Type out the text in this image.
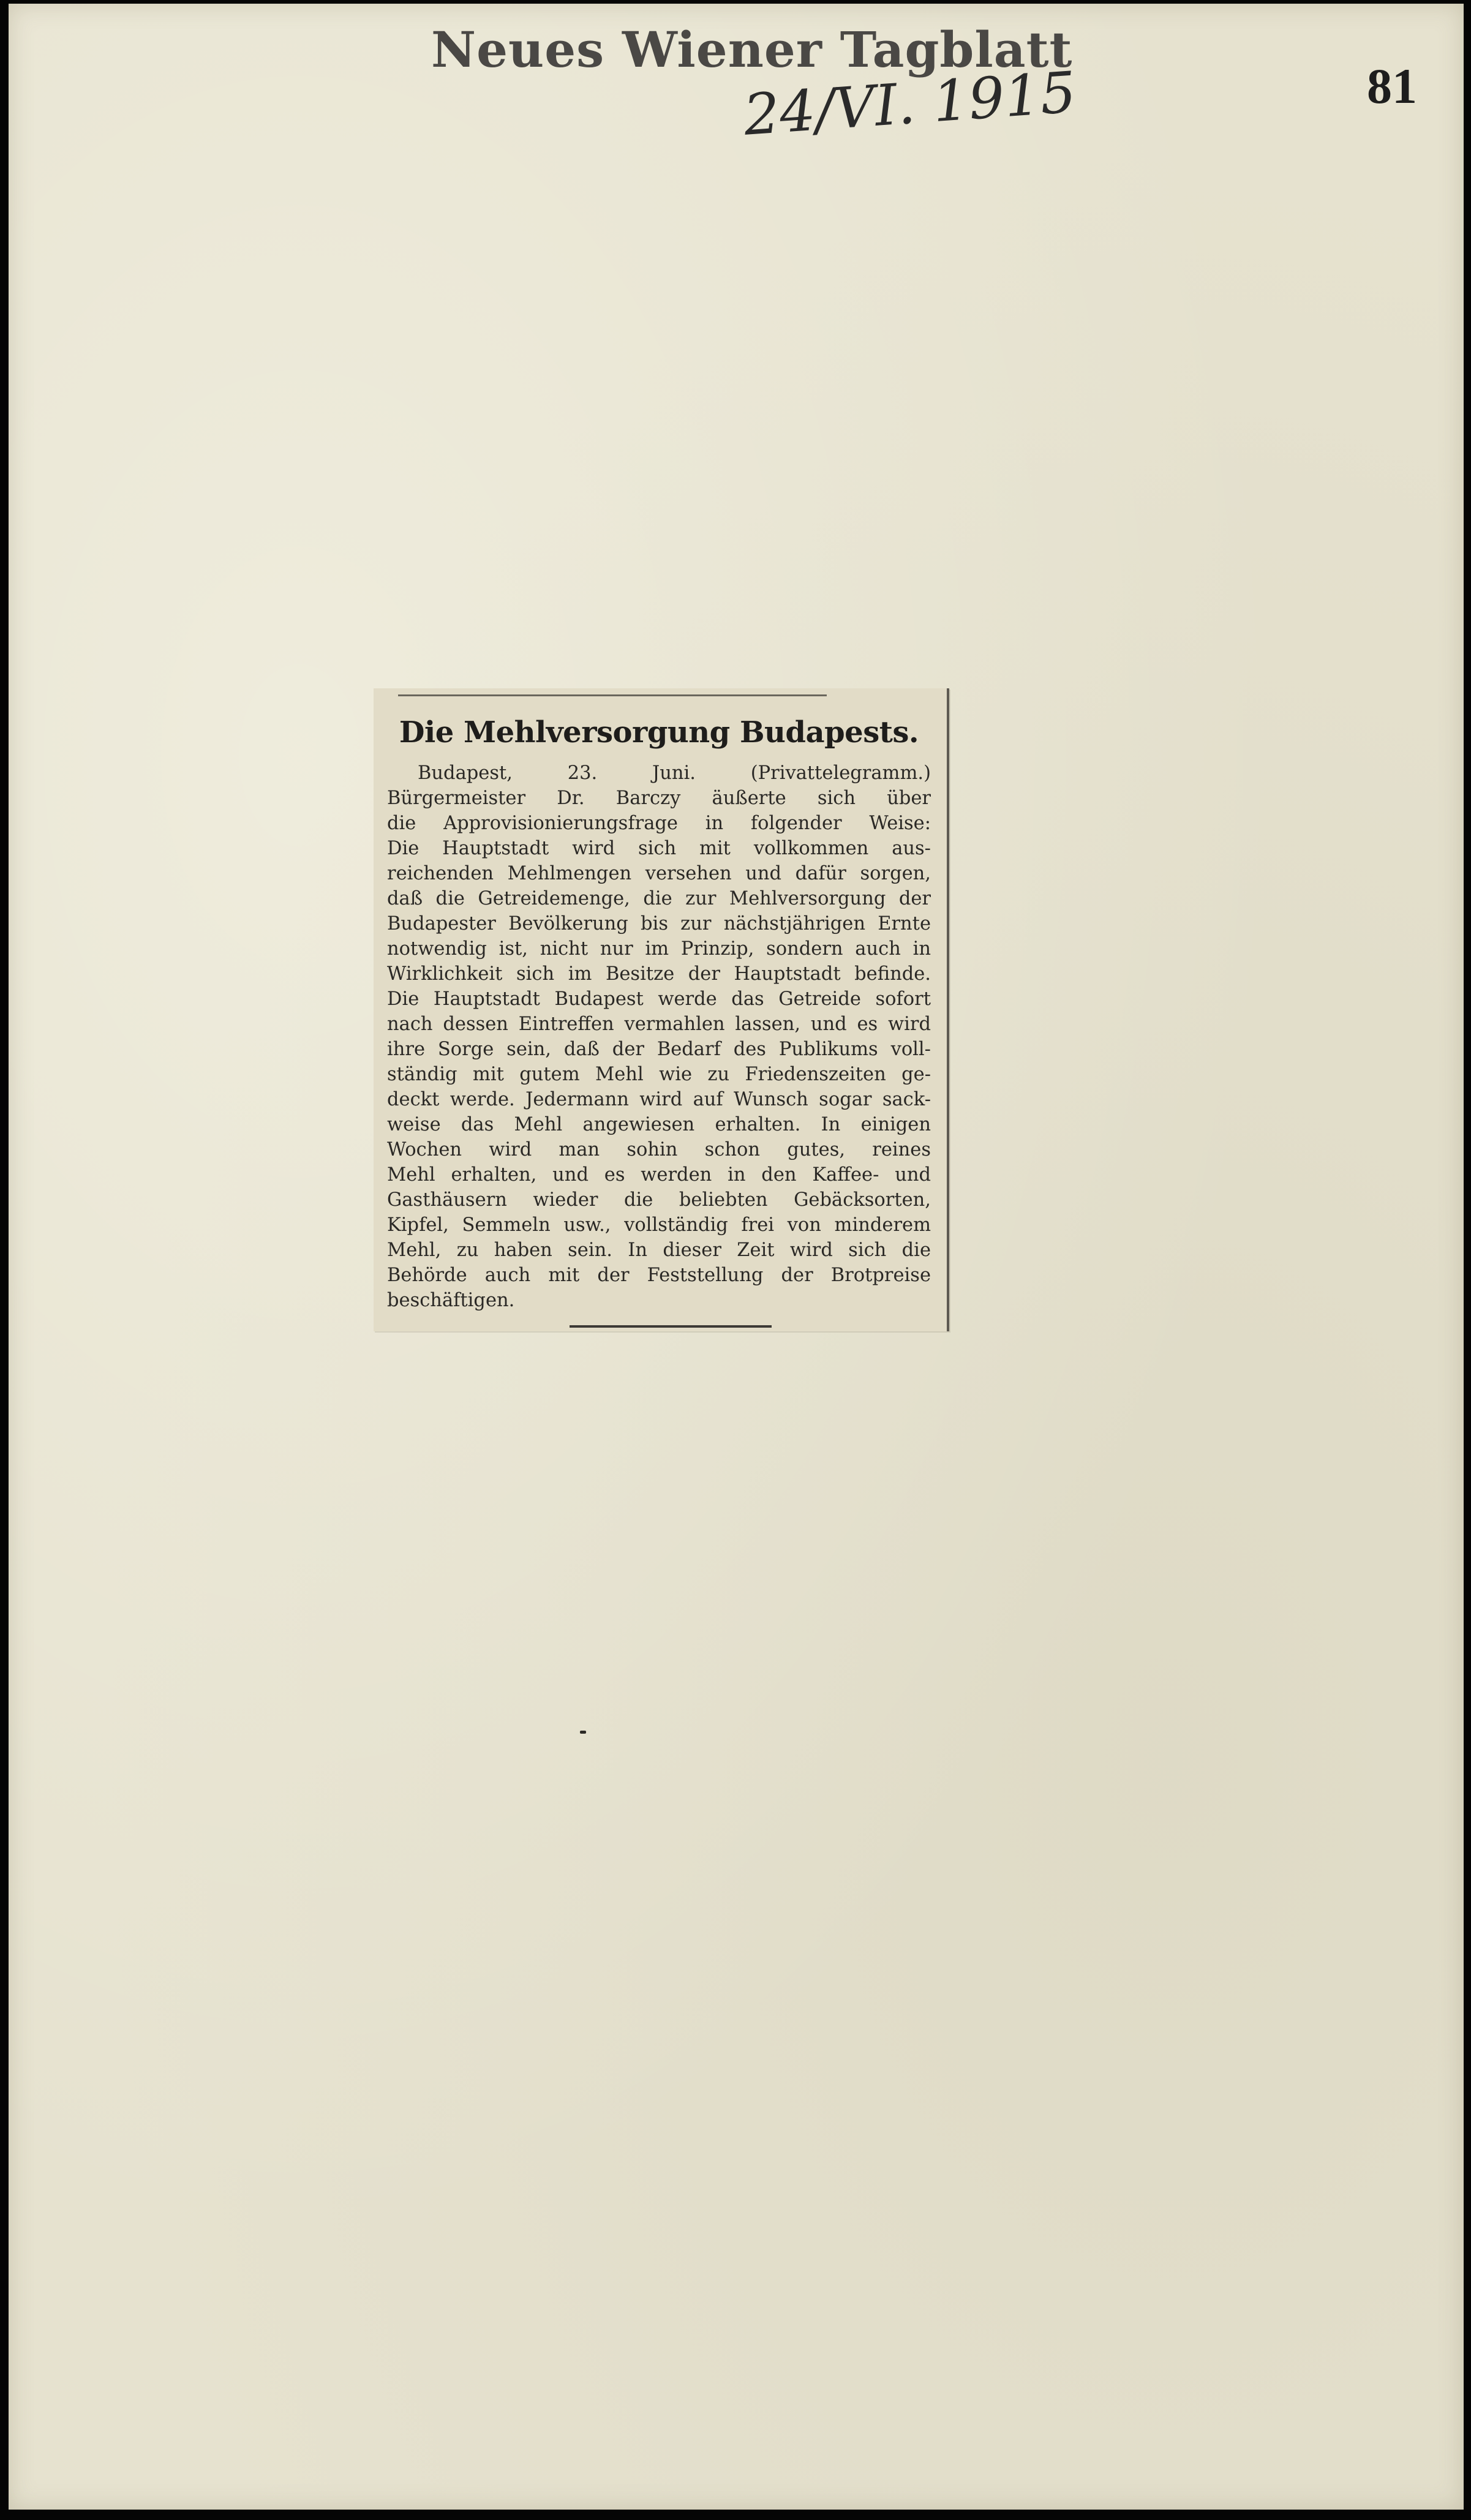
Neues Wiener Tagblatt
24/VI. 1915	81
Die Mehlversorgung Budapests.
Budapest, 23. Juni. (Privattelegramm.)
Bürgermeister Dr. Barczy äußerte sich über
die Approvisionierungsfrage in folgender Weise:
Die Hauptstadt wird sich mit vollkommen aus-
reichenden Mehlmengen versehen und dafür sorgen,
daß die Getreidemenge, die zur Mehlversorgung der
Budapester Bevölkerung bis zur nächstjährigen Ernte
notwendig ist, nicht nur im Prinzip, sondern auch in
Wirklichkeit sich im Besitze der Hauptstadt befinde.
Die Hauptstadt Budapest werde das Getreide sofort
nach dessen Eintreffen vermahlen lassen, und es wird
ihre Sorge sein, daß der Bedarf des Publikums voll-
ständig mit gutem Mehl wie zu Friedenszeiten ge-
deckt werde. Jedermann wird auf Wunsch sogar sack-
weise das Mehl angewiesen erhalten. In einigen
Wochen wird man sohin schon gutes, reines
Mehl erhalten, und es werden in den Kaffee- und
Gasthäusern wieder die beliebten Gebäcksorten,
Kipfel, Semmeln usw., vollständig frei von minderem
Mehl, zu haben sein. In dieser Zeit wird sich die
Behörde auch mit der Feststellung der Brotpreise
beschäftigen.
